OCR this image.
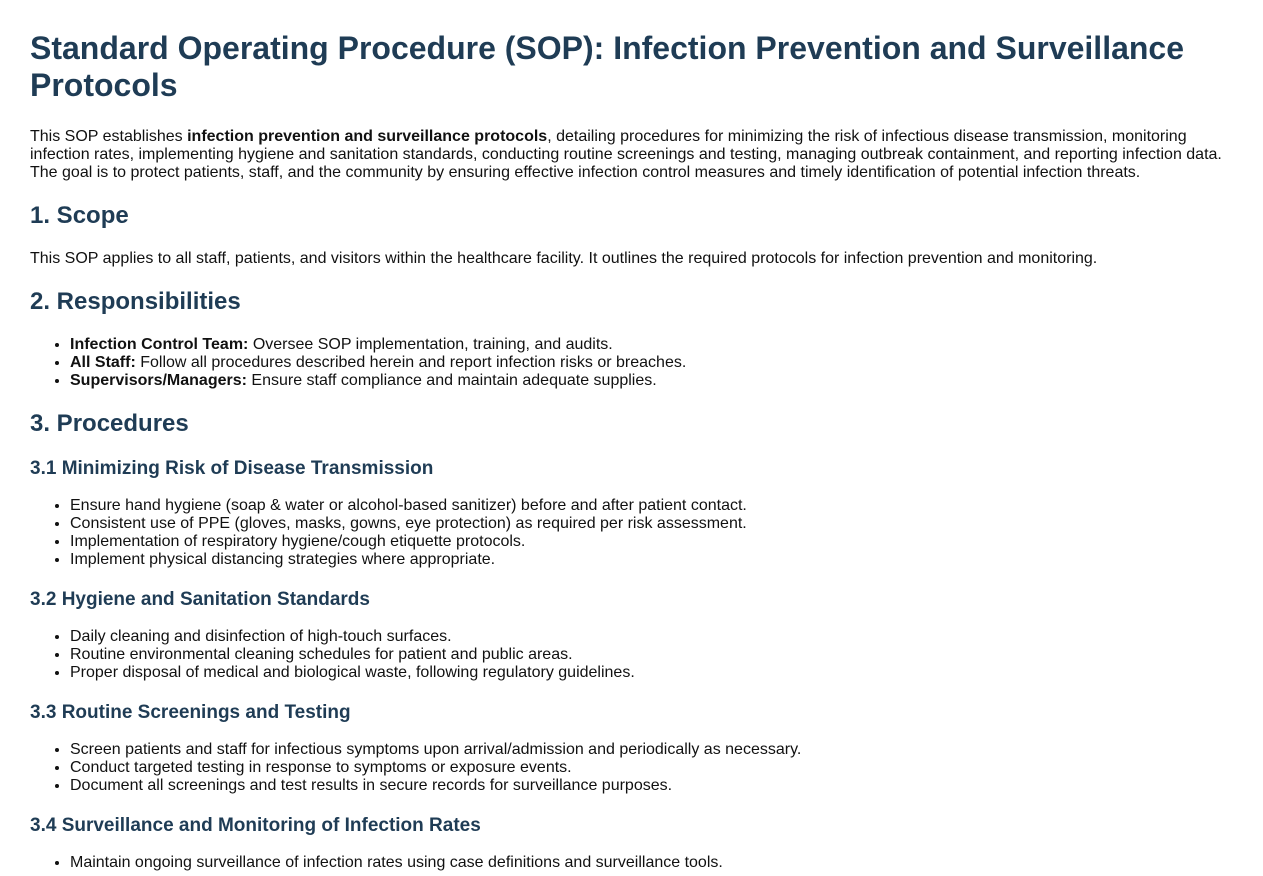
Standard Operating Procedure (SOP): Infection Prevention and Surveillance Protocols

This SOP establishes infection prevention and surveillance protocols, detailing procedures for minimizing the risk of infectious disease transmission, monitoring infection rates, implementing hygiene and sanitation standards, conducting routine screenings and testing, managing outbreak containment, and reporting infection data. The goal is to protect patients, staff, and the community by ensuring effective infection control measures and timely identification of potential infection threats.

1. Scope

This SOP applies to all staff, patients, and visitors within the healthcare facility. It outlines the required protocols for infection prevention and monitoring.

2. Responsibilities
• Infection Control Team: Oversee SOP implementation, training, and audits.
• All Staff: Follow all procedures described herein and report infection risks or breaches.
• Supervisors/Managers: Ensure staff compliance and maintain adequate supplies.
3. Procedures
3.1 Minimizing Risk of Disease Transmission
• Ensure hand hygiene (soap & water or alcohol-based sanitizer) before and after patient contact.
• Consistent use of PPE (gloves, masks, gowns, eye protection) as required per risk assessment.
• Implementation of respiratory hygiene/cough etiquette protocols.
• Implement physical distancing strategies where appropriate.
3.2 Hygiene and Sanitation Standards
• Daily cleaning and disinfection of high-touch surfaces.
• Routine environmental cleaning schedules for patient and public areas.
• Proper disposal of medical and biological waste, following regulatory guidelines.
3.3 Routine Screenings and Testing
• Screen patients and staff for infectious symptoms upon arrival/admission and periodically as necessary.
• Conduct targeted testing in response to symptoms or exposure events.
• Document all screenings and test results in secure records for surveillance purposes.
3.4 Surveillance and Monitoring of Infection Rates
• Maintain ongoing surveillance of infection rates using case definitions and surveillance tools.
